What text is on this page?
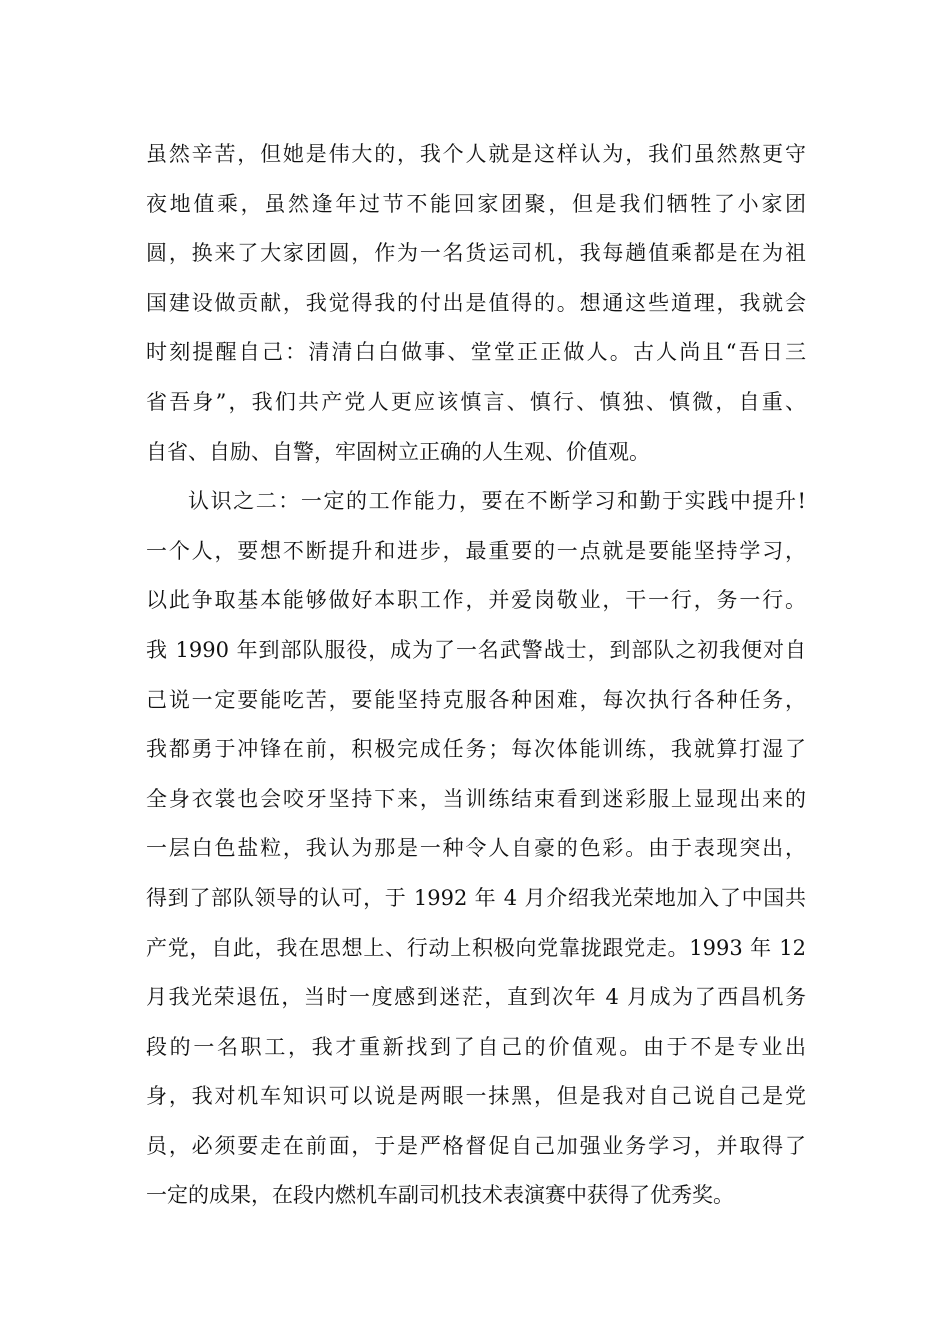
虽然辛苦，但她是伟大的，我个人就是这样认为，我们虽然熬更守
夜地值乘，虽然逢年过节不能回家团聚，但是我们牺牲了小家团
圆，换来了大家团圆，作为一名货运司机，我每趟值乘都是在为祖
国建设做贡献，我觉得我的付出是值得的。想通这些道理，我就会
时刻提醒自己：清清白白做事、堂堂正正做人。古人尚且“吾日三
省吾身”，我们共产党人更应该慎言、慎行、慎独、慎微，自重、
自省、自励、自警，牢固树立正确的人生观、价值观。
认识之二：一定的工作能力，要在不断学习和勤于实践中提升!
一个人，要想不断提升和进步，最重要的一点就是要能坚持学习，
以此争取基本能够做好本职工作，并爱岗敬业，干一行，务一行。
我 1990 年到部队服役，成为了一名武警战士，到部队之初我便对自
己说一定要能吃苦，要能坚持克服各种困难，每次执行各种任务，
我都勇于冲锋在前，积极完成任务；每次体能训练，我就算打湿了
全身衣裳也会咬牙坚持下来，当训练结束看到迷彩服上显现出来的
一层白色盐粒，我认为那是一种令人自豪的色彩。由于表现突出，
得到了部队领导的认可，于 1992 年 4 月介绍我光荣地加入了中国共
产党，自此，我在思想上、行动上积极向党靠拢跟党走。1993 年 12
月我光荣退伍，当时一度感到迷茫，直到次年 4 月成为了西昌机务
段的一名职工，我才重新找到了自己的价值观。由于不是专业出
身，我对机车知识可以说是两眼一抹黑，但是我对自己说自己是党
员，必须要走在前面，于是严格督促自己加强业务学习，并取得了
一定的成果，在段内燃机车副司机技术表演赛中获得了优秀奖。
